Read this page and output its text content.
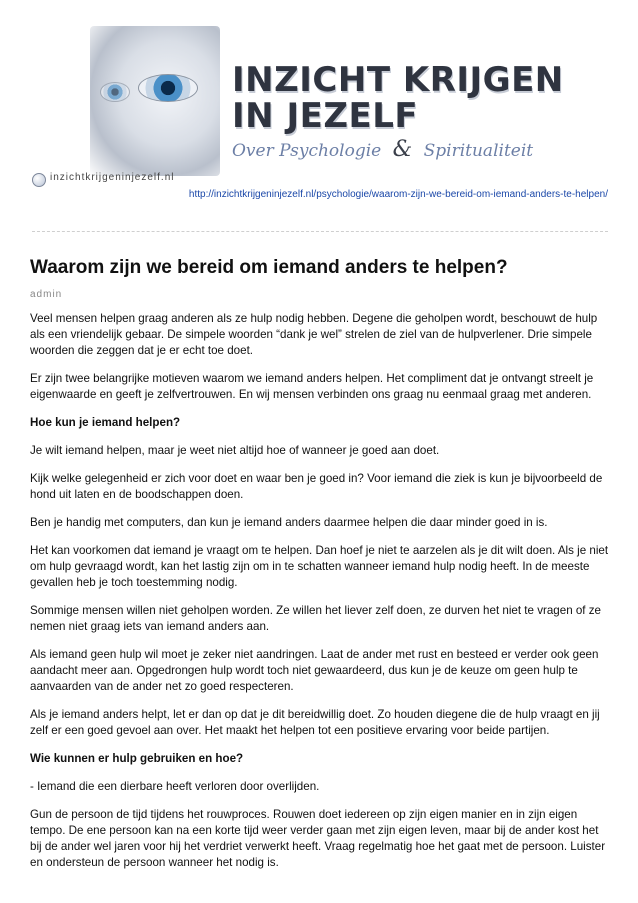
INZICHT KRIJGEN
IN JEZELF
Over Psychologie & Spiritualiteit
inzichtkrijgeninjezelf.nl
http://inzichtkrijgeninjezelf.nl/psychologie/waarom-zijn-we-bereid-om-iemand-anders-te-helpen/
Waarom zijn we bereid om iemand anders te helpen?
admin

Veel mensen helpen graag anderen als ze hulp nodig hebben. Degene die geholpen wordt, beschouwt de hulp als een vriendelijk gebaar. De simpele woorden “dank je wel” strelen de ziel van de hulpverlener. Drie simpele woorden die zeggen dat je er echt toe doet.

Er zijn twee belangrijke motieven waarom we iemand anders helpen. Het compliment dat je ontvangt streelt je eigenwaarde en geeft je zelfvertrouwen. En wij mensen verbinden ons graag nu eenmaal graag met anderen.

Hoe kun je iemand helpen?

Je wilt iemand helpen, maar je weet niet altijd hoe of wanneer je goed aan doet.

Kijk welke gelegenheid er zich voor doet en waar ben je goed in? Voor iemand die ziek is kun je bijvoorbeeld de hond uit laten en de boodschappen doen.

Ben je handig met computers, dan kun je iemand anders daarmee helpen die daar minder goed in is.

Het kan voorkomen dat iemand je vraagt om te helpen. Dan hoef je niet te aarzelen als je dit wilt doen. Als je niet om hulp gevraagd wordt, kan het lastig zijn om in te schatten wanneer iemand hulp nodig heeft. In de meeste gevallen heb je toch toestemming nodig.

Sommige mensen willen niet geholpen worden. Ze willen het liever zelf doen, ze durven het niet te vragen of ze nemen niet graag iets van iemand anders aan.

Als iemand geen hulp wil moet je zeker niet aandringen. Laat de ander met rust en besteed er verder ook geen aandacht meer aan. Opgedrongen hulp wordt toch niet gewaardeerd, dus kun je de keuze om geen hulp te aanvaarden van de ander net zo goed respecteren.

Als je iemand anders helpt, let er dan op dat je dit bereidwillig doet. Zo houden diegene die de hulp vraagt en jij zelf er een goed gevoel aan over. Het maakt het helpen tot een positieve ervaring voor beide partijen.

Wie kunnen er hulp gebruiken en hoe?

- Iemand die een dierbare heeft verloren door overlijden.

Gun de persoon de tijd tijdens het rouwproces. Rouwen doet iedereen op zijn eigen manier en in zijn eigen tempo. De ene persoon kan na een korte tijd weer verder gaan met zijn eigen leven, maar bij de ander kost het bij de ander wel jaren voor hij het verdriet verwerkt heeft. Vraag regelmatig hoe het gaat met de persoon. Luister en ondersteun de persoon wanneer het nodig is.
